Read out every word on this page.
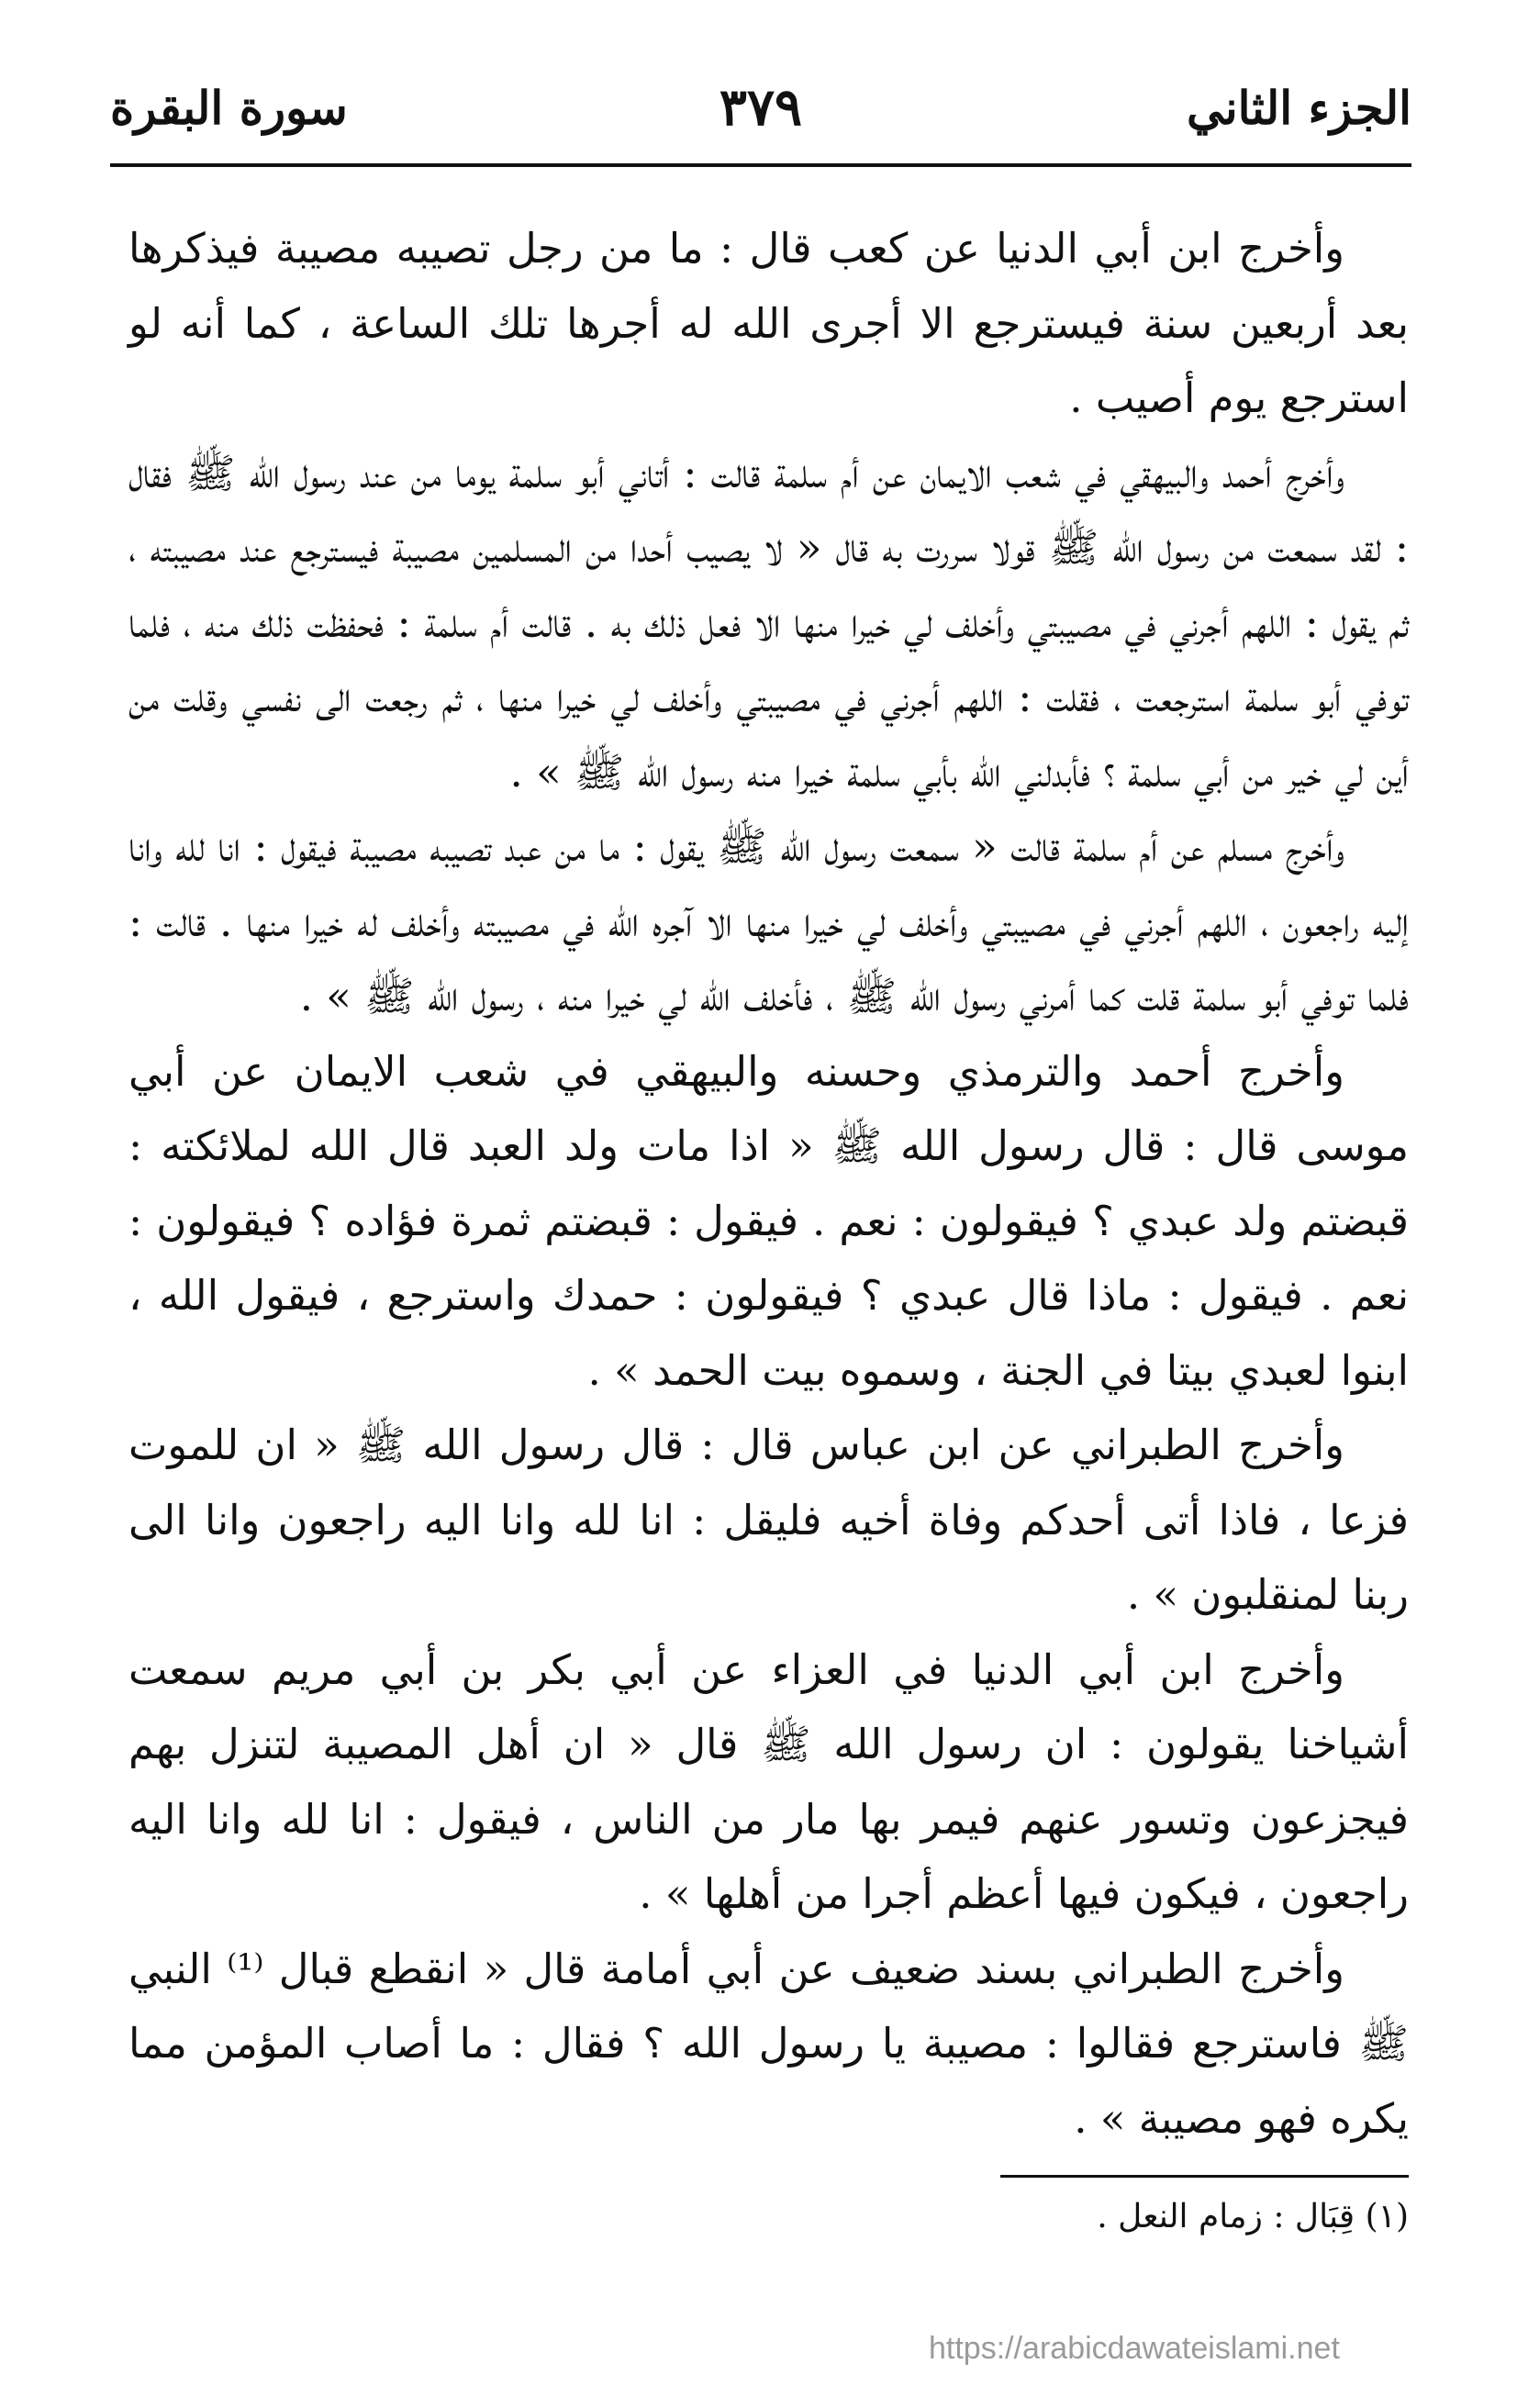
الجزء الثاني
٣٧٩
سورة البقرة

وأخرج ابن أبي الدنيا عن كعب قال : ما من رجل تصيبه مصيبة فيذكرها بعد أربعين سنة فيسترجع الا أجرى الله له أجرها تلك الساعة ، كما أنه لو استرجع يوم أصيب .

وأخرج أحمد والبيهقي في شعب الايمان عن أم سلمة قالت : أتاني أبو سلمة يوما من عند رسول الله ﷺ فقال : لقد سمعت من رسول الله ﷺ قولا سررت به قال « لا يصيب أحدا من المسلمين مصيبة فيسترجع عند مصيبته ، ثم يقول : اللهم أجرني في مصيبتي وأخلف لي خيرا منها الا فعل ذلك به . قالت أم سلمة : فحفظت ذلك منه ، فلما توفي أبو سلمة استرجعت ، فقلت : اللهم أجرني في مصيبتي وأخلف لي خيرا منها ، ثم رجعت الى نفسي وقلت من أين لي خير من أبي سلمة ؟ فأبدلني الله بأبي سلمة خيرا منه رسول الله ﷺ » .

وأخرج مسلم عن أم سلمة قالت « سمعت رسول الله ﷺ يقول : ما من عبد تصيبه مصيبة فيقول : انا لله وانا إليه راجعون ، اللهم أجرني في مصيبتي وأخلف لي خيرا منها الا آجره الله في مصيبته وأخلف له خيرا منها . قالت : فلما توفي أبو سلمة قلت كما أمرني رسول الله ﷺ ، فأخلف الله لي خيرا منه ، رسول الله ﷺ » .

وأخرج أحمد والترمذي وحسنه والبيهقي في شعب الايمان عن أبي موسى قال : قال رسول الله ﷺ « اذا مات ولد العبد قال الله لملائكته : قبضتم ولد عبدي ؟ فيقولون : نعم . فيقول : قبضتم ثمرة فؤاده ؟ فيقولون : نعم . فيقول : ماذا قال عبدي ؟ فيقولون : حمدك واسترجع ، فيقول الله ، ابنوا لعبدي بيتا في الجنة ، وسموه بيت الحمد » .

وأخرج الطبراني عن ابن عباس قال : قال رسول الله ﷺ « ان للموت فزعا ، فاذا أتى أحدكم وفاة أخيه فليقل : انا لله وانا اليه راجعون وانا الى ربنا لمنقلبون » .

وأخرج ابن أبي الدنيا في العزاء عن أبي بكر بن أبي مريم سمعت أشياخنا يقولون : ان رسول الله ﷺ قال « ان أهل المصيبة لتنزل بهم فيجزعون وتسور عنهم فيمر بها مار من الناس ، فيقول : انا لله وانا اليه راجعون ، فيكون فيها أعظم أجرا من أهلها » .

وأخرج الطبراني بسند ضعيف عن أبي أمامة قال « انقطع قبال ⁽¹⁾ النبي ﷺ فاسترجع فقالوا : مصيبة يا رسول الله ؟ فقال : ما أصاب المؤمن مما يكره فهو مصيبة » .

(١) قِبَال : زمام النعل .
https://arabicdawateislami.net
